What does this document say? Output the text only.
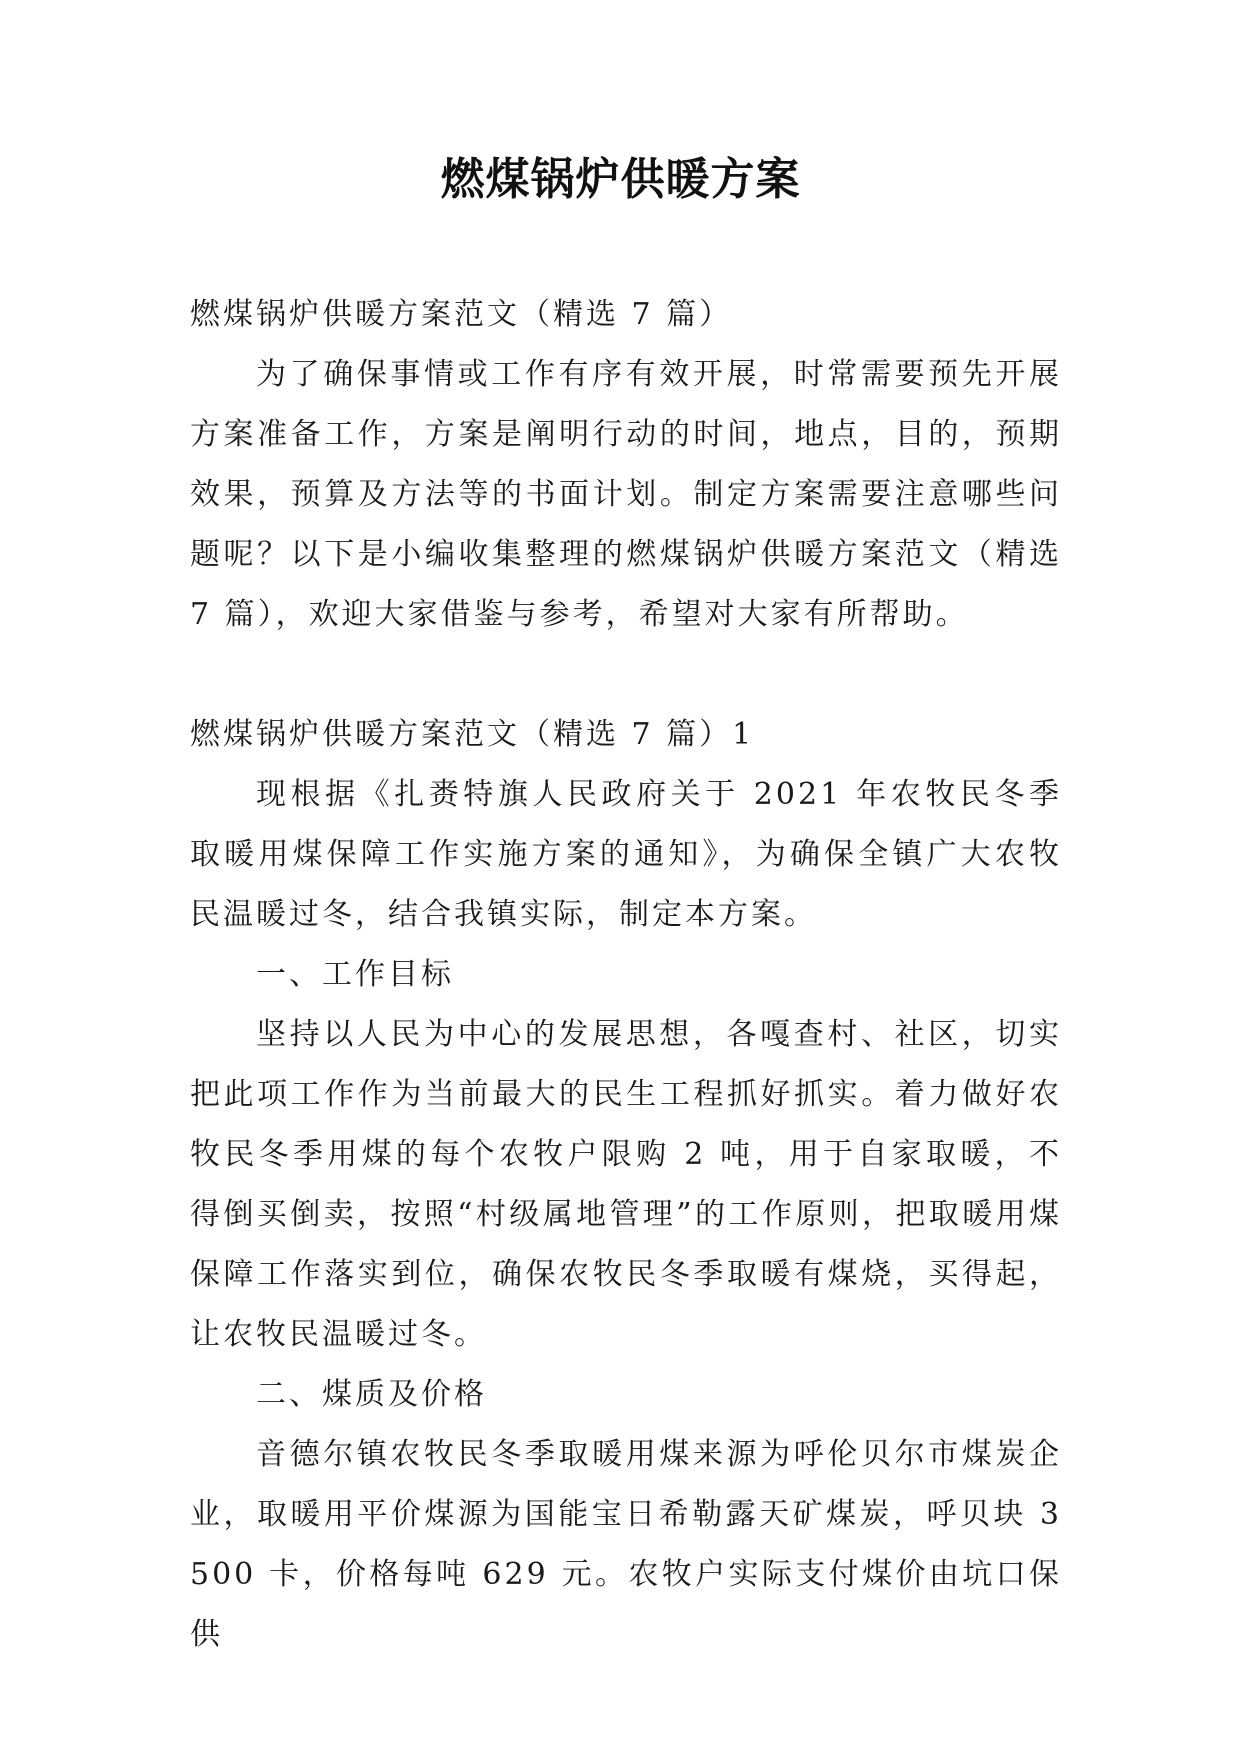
燃煤锅炉供暖方案

燃煤锅炉供暖方案范文（精选 7 篇）

为了确保事情或工作有序有效开展，时常需要预先开展方案准备工作，方案是阐明行动的时间，地点，目的，预期效果，预算及方法等的书面计划。制定方案需要注意哪些问题呢？以下是小编收集整理的燃煤锅炉供暖方案范文（精选 7 篇），欢迎大家借鉴与参考，希望对大家有所帮助。

燃煤锅炉供暖方案范文（精选 7 篇）1

现根据《扎赉特旗人民政府关于 2021 年农牧民冬季取暖用煤保障工作实施方案的通知》，为确保全镇广大农牧民温暖过冬，结合我镇实际，制定本方案。

一、工作目标

坚持以人民为中心的发展思想，各嘎查村、社区，切实把此项工作作为当前最大的民生工程抓好抓实。着力做好农牧民冬季用煤的每个农牧户限购 2 吨，用于自家取暖，不得倒买倒卖，按照“村级属地管理”的工作原则，把取暖用煤保障工作落实到位，确保农牧民冬季取暖有煤烧，买得起，让农牧民温暖过冬。

二、煤质及价格

音德尔镇农牧民冬季取暖用煤来源为呼伦贝尔市煤炭企业，取暖用平价煤源为国能宝日希勒露天矿煤炭，呼贝块 3500 卡，价格每吨 629 元。农牧户实际支付煤价由坑口保供
